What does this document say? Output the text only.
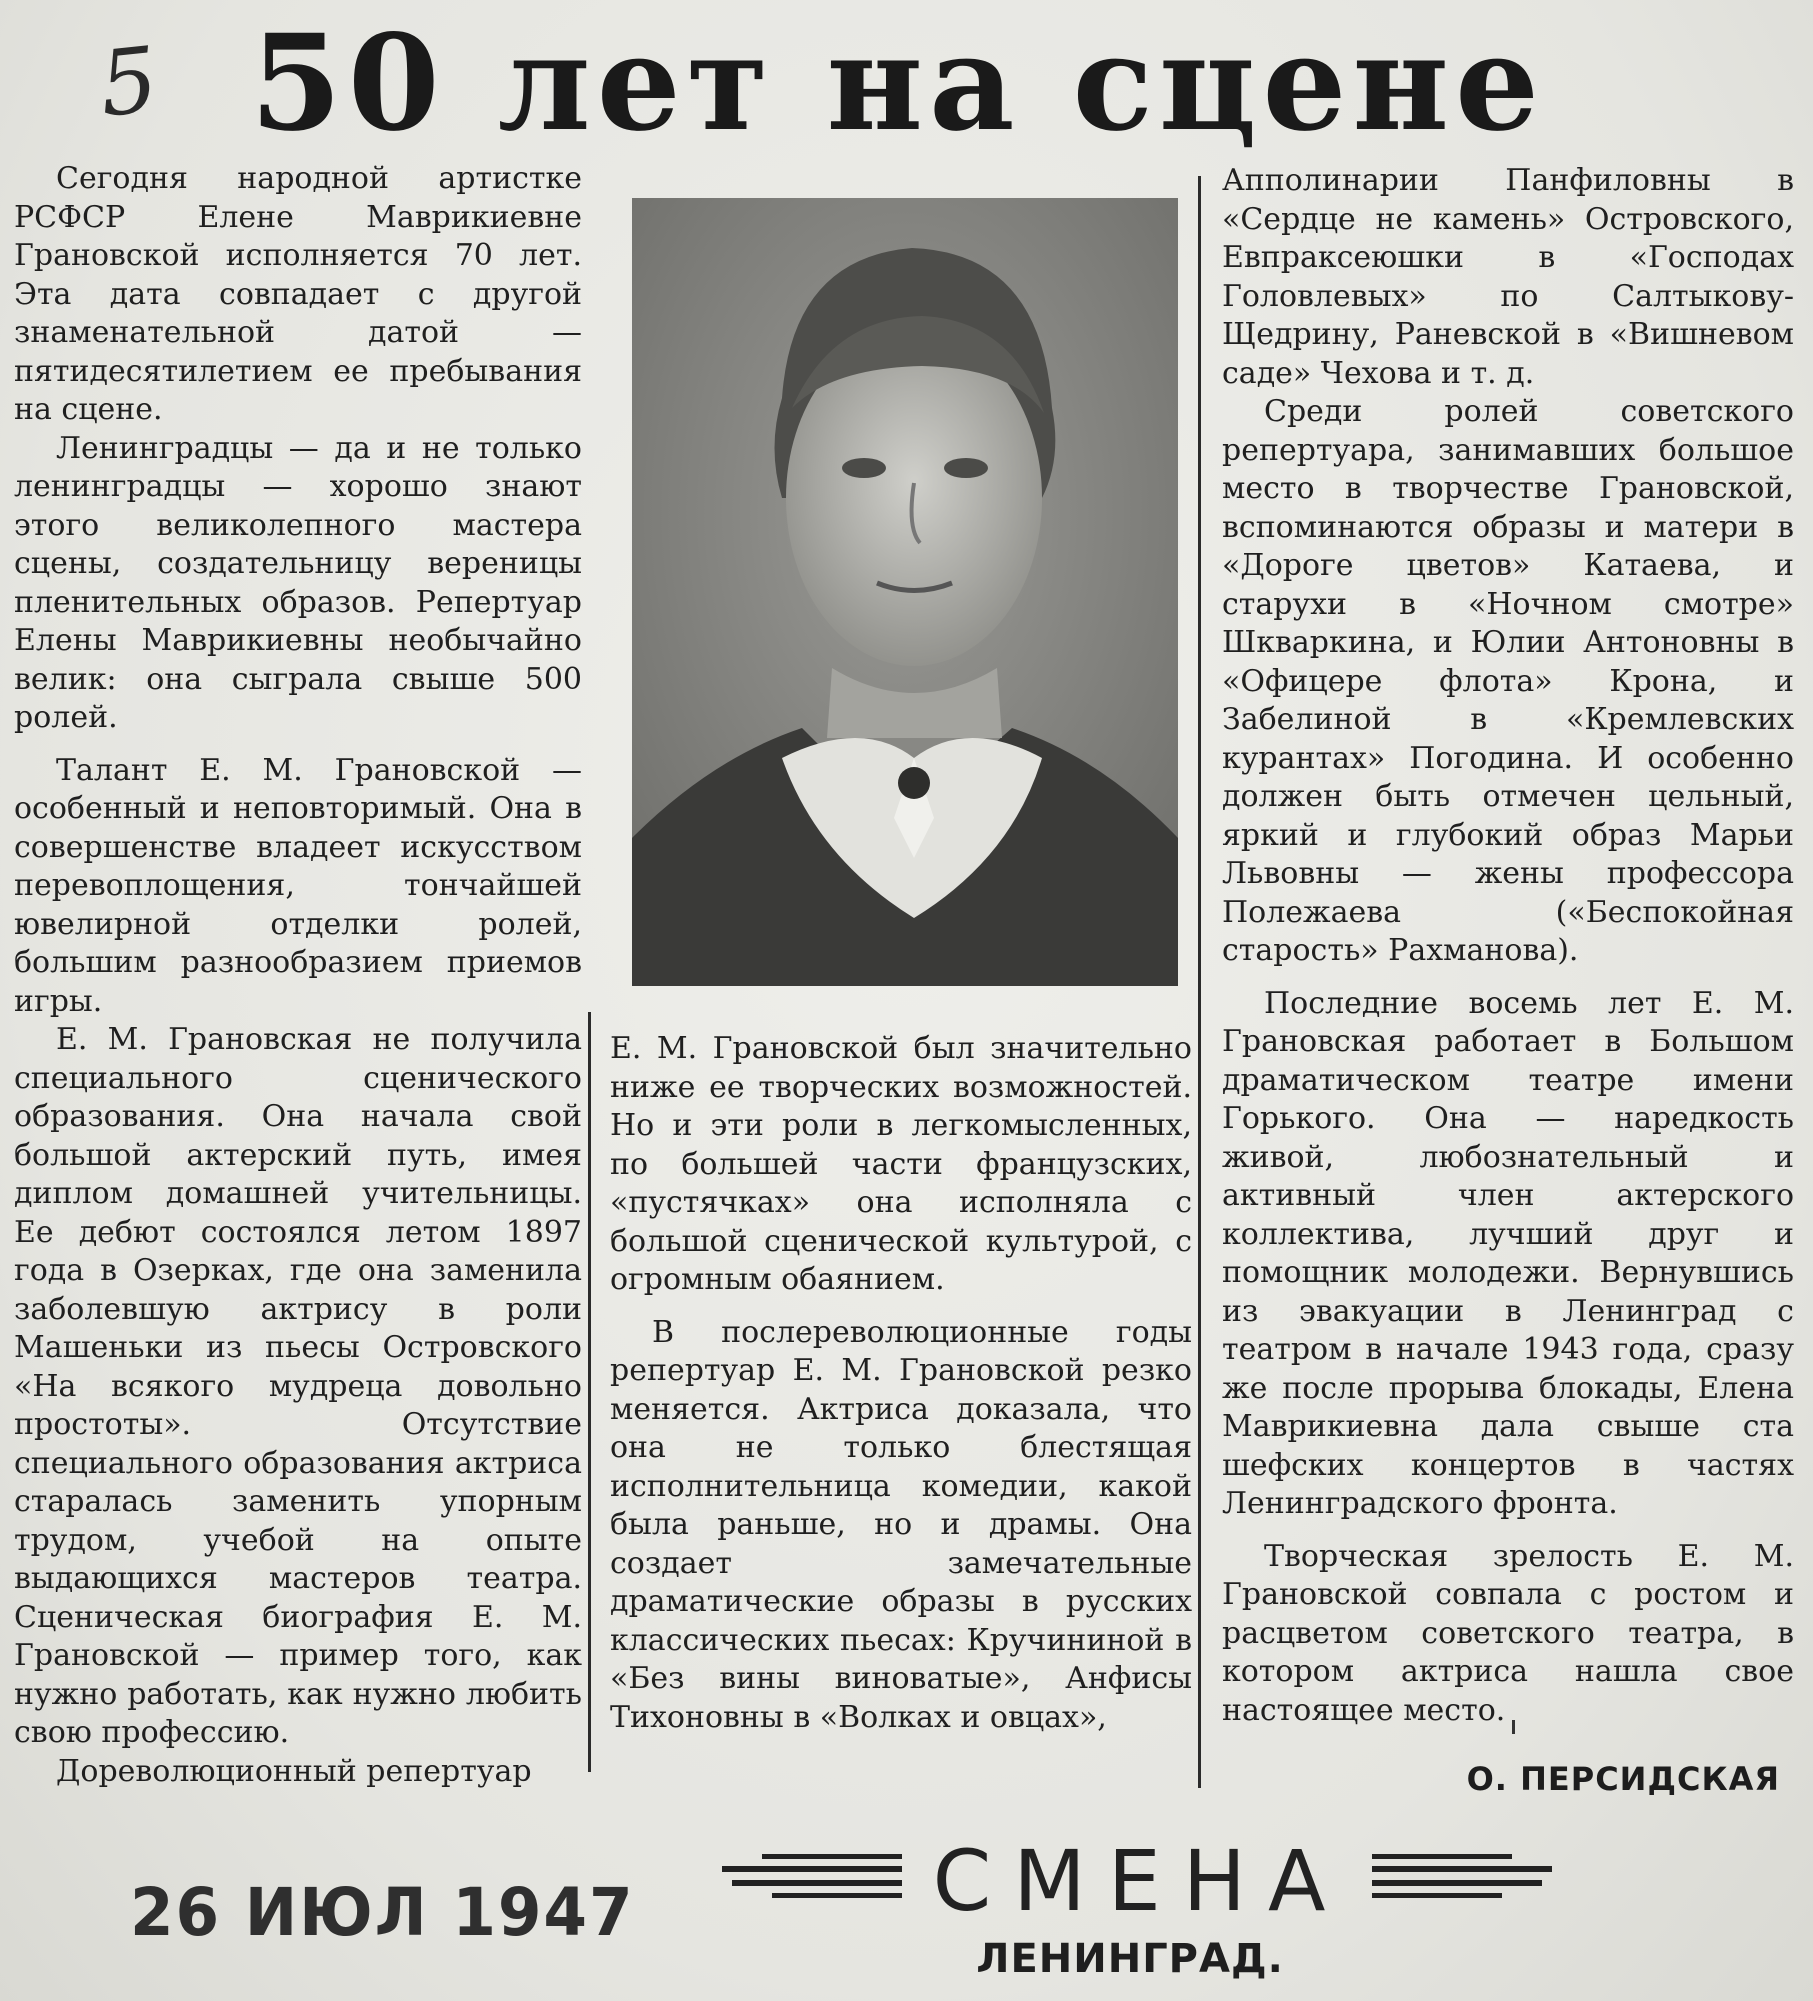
5 50 лет на сцене

Сегодня народной артистке РСФСР Елене Маврикиевне Грановской исполняется 70 лет. Эта дата совпадает с другой знаменательной датой — пятидесятилетием ее пребывания на сцене.

Ленинградцы — да и не только ленинградцы — хорошо знают этого великолепного мастера сцены, создательницу вереницы пленительных образов. Репертуар Елены Маврикиевны необычайно велик: она сыграла свыше 500 ролей.

Талант Е. М. Грановской — особенный и неповторимый. Она в совершенстве владеет искусством перевоплощения, тончайшей ювелирной отделки ролей, большим разнообразием приемов игры.

Е. М. Грановская не получила специального сценического образования. Она начала свой большой актерский путь, имея диплом домашней учительницы. Ее дебют состоялся летом 1897 года в Озерках, где она заменила заболевшую актрису в роли Машеньки из пьесы Островского «На всякого мудреца довольно простоты». Отсутствие специального образования актриса старалась заменить упорным трудом, учебой на опыте выдающихся мастеров театра. Сценическая биография Е. М. Грановской — пример того, как нужно работать, как нужно любить свою профессию.

Дореволюционный репертуар

Е. М. Грановской был значительно ниже ее творческих возможностей. Но и эти роли в легкомысленных, по большей части французских, «пустячках» она исполняла с большой сценической культурой, с огромным обаянием.

В послереволюционные годы репертуар Е. М. Грановской резко меняется. Актриса доказала, что она не только блестящая исполнительница комедии, какой была раньше, но и драмы. Она создает замечательные драматические образы в русских классических пьесах: Кручининой в «Без вины виноватые», Анфисы Тихоновны в «Волках и овцах»,

Апполинарии Панфиловны в «Сердце не камень» Островского, Евпраксеюшки в «Господах Головлевых» по Салтыкову-Щедрину, Раневской в «Вишневом саде» Чехова и т. д.

Среди ролей советского репертуара, занимавших большое место в творчестве Грановской, вспоминаются образы и матери в «Дороге цветов» Катаева, и старухи в «Ночном смотре» Шкваркина, и Юлии Антоновны в «Офицере флота» Крона, и Забелиной в «Кремлевских курантах» Погодина. И особенно должен быть отмечен цельный, яркий и глубокий образ Марьи Львовны — жены профессора Полежаева («Беспокойная старость» Рахманова).

Последние восемь лет Е. М. Грановская работает в Большом драматическом театре имени Горького. Она — наредкость живой, любознательный и активный член актерского коллектива, лучший друг и помощник молодежи. Вернувшись из эвакуации в Ленинград с театром в начале 1943 года, сразу же после прорыва блокады, Елена Маврикиевна дала свыше ста шефских концертов в частях Ленинградского фронта.

Творческая зрелость Е. М. Грановской совпала с ростом и расцветом советского театра, в котором актриса нашла свое настоящее место.

О. ПЕРСИДСКАЯ
26 ИЮЛ 1947	СМЕНА
ЛЕНИНГРАД.
